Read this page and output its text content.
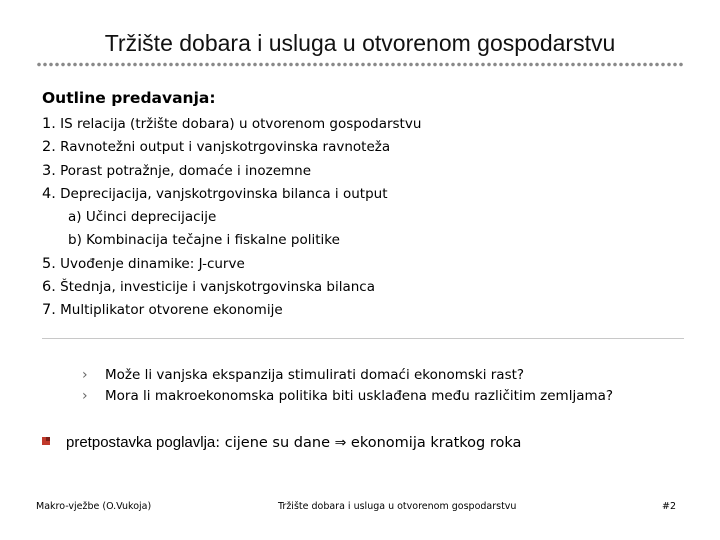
Tržište dobara i usluga u otvorenom gospodarstvu
Outline predavanja:
1. IS relacija (tržište dobara) u otvorenom gospodarstvu
2. Ravnotežni output i vanjskotrgovinska ravnoteža
3. Porast potražnje, domaće i inozemne
4. Deprecijacija, vanjskotrgovinska bilanca i output
a) Učinci deprecijacije
b) Kombinacija tečajne i fiskalne politike
5. Uvođenje dinamike: J-curve
6. Štednja, investicije i vanjskotrgovinska bilanca
7. Multiplikator otvorene ekonomije
› Može li vanjska ekspanzija stimulirati domaći ekonomski rast?
› Mora li makroekonomska politika biti usklađena među različitim zemljama?
pretpostavka poglavlja: cijene su dane ⇒ ekonomija kratkog roka
Makro-vježbe (O.Vukoja)	Tržište dobara i usluga u otvorenom gospodarstvu	#2
